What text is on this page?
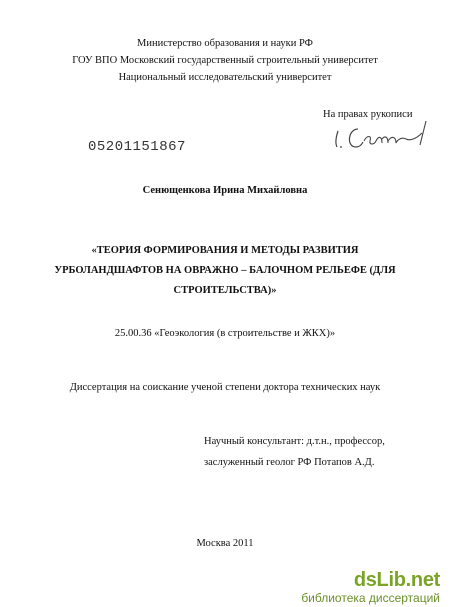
Министерство образования и науки РФ
ГОУ ВПО Московский государственный строительный университет
Национальный исследовательский университет
На правах рукописи
05201151867
Сенющенкова Ирина Михайловна
«ТЕОРИЯ ФОРМИРОВАНИЯ И МЕТОДЫ РАЗВИТИЯ
УРБОЛАНДШАФТОВ НА ОВРАЖНО – БАЛОЧНОМ РЕЛЬЕФЕ (ДЛЯ
СТРОИТЕЛЬСТВА)»
25.00.36 «Геоэкология (в строительстве и ЖКХ)»
Диссертация на соискание ученой степени доктора технических наук
Научный консультант: д.т.н., профессор,
заслуженный геолог РФ Потапов А.Д.
Москва 2011
dsLib.net
библиотека диссертаций
